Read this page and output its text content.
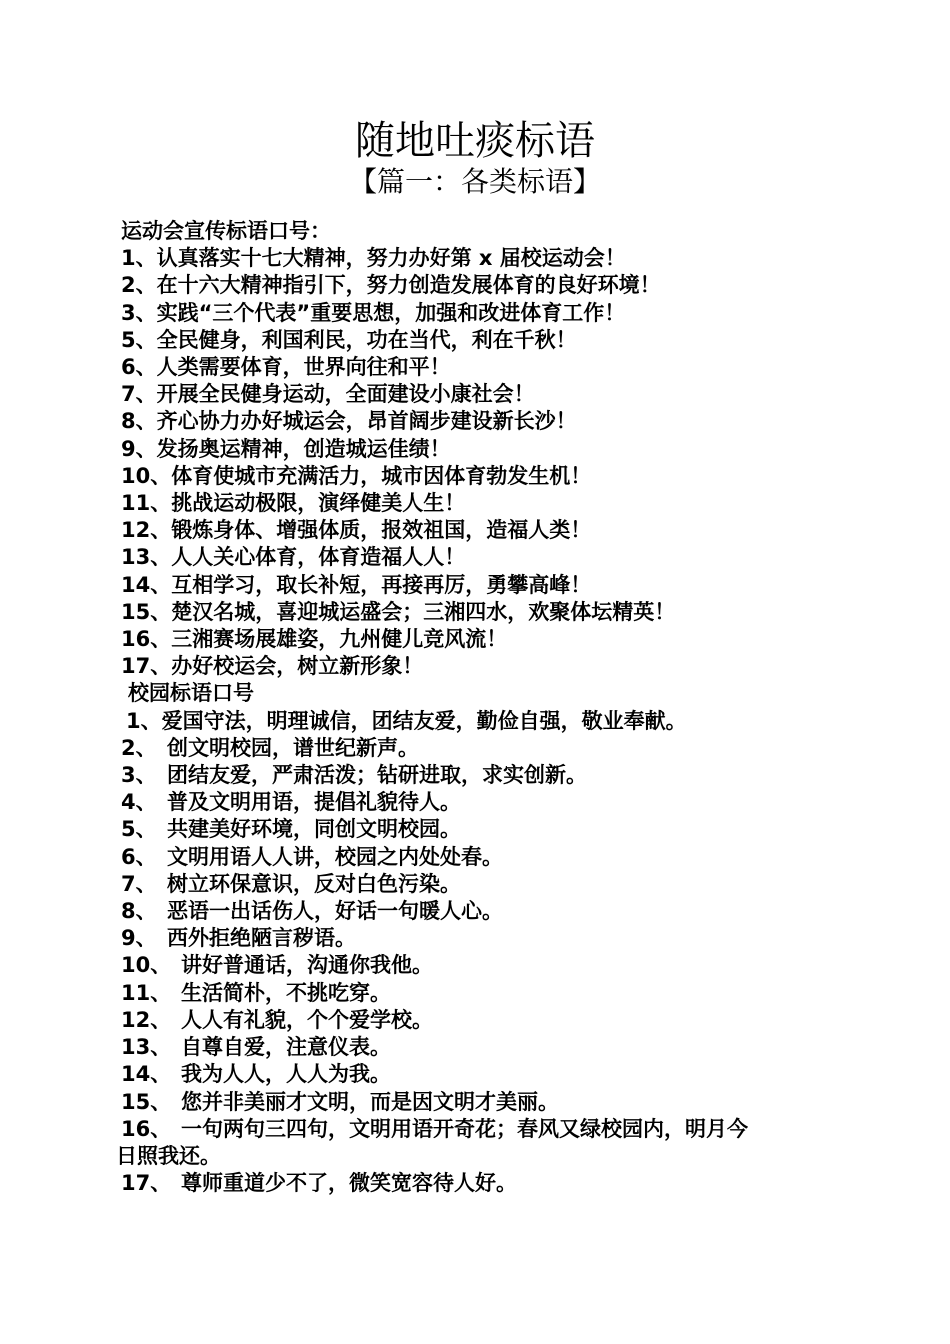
随地吐痰标语
【篇一：各类标语】
运动会宣传标语口号：
1、认真落实十七大精神，努力办好第 x 届校运动会！
2、在十六大精神指引下，努力创造发展体育的良好环境！
3、实践“三个代表”重要思想，加强和改进体育工作！
5、全民健身，利国利民，功在当代，利在千秋！
6、人类需要体育，世界向往和平！
7、开展全民健身运动，全面建设小康社会！
8、齐心协力办好城运会，昂首阔步建设新长沙！
9、发扬奥运精神，创造城运佳绩！
10、体育使城市充满活力，城市因体育勃发生机！
11、挑战运动极限，演绎健美人生！
12、锻炼身体、增强体质，报效祖国，造福人类！
13、人人关心体育，体育造福人人！
14、互相学习，取长补短，再接再厉，勇攀高峰！
15、楚汉名城，喜迎城运盛会；三湘四水，欢聚体坛精英！
16、三湘赛场展雄姿，九州健儿竞风流！
17、办好校运会，树立新形象！
校园标语口号
1、爱国守法，明理诚信，团结友爱，勤俭自强，敬业奉献。
2、 创文明校园，谱世纪新声。
3、 团结友爱，严肃活泼；钻研进取，求实创新。
4、 普及文明用语，提倡礼貌待人。
5、 共建美好环境，同创文明校园。
6、 文明用语人人讲，校园之内处处春。
7、 树立环保意识，反对白色污染。
8、 恶语一出话伤人，好话一句暖人心。
9、 西外拒绝陋言秽语。
10、 讲好普通话，沟通你我他。
11、 生活简朴，不挑吃穿。
12、 人人有礼貌，个个爱学校。
13、 自尊自爱，注意仪表。
14、 我为人人，人人为我。
15、 您并非美丽才文明，而是因文明才美丽。
16、 一句两句三四句，文明用语开奇花；春风又绿校园内，明月今
日照我还。
17、 尊师重道少不了，微笑宽容待人好。
